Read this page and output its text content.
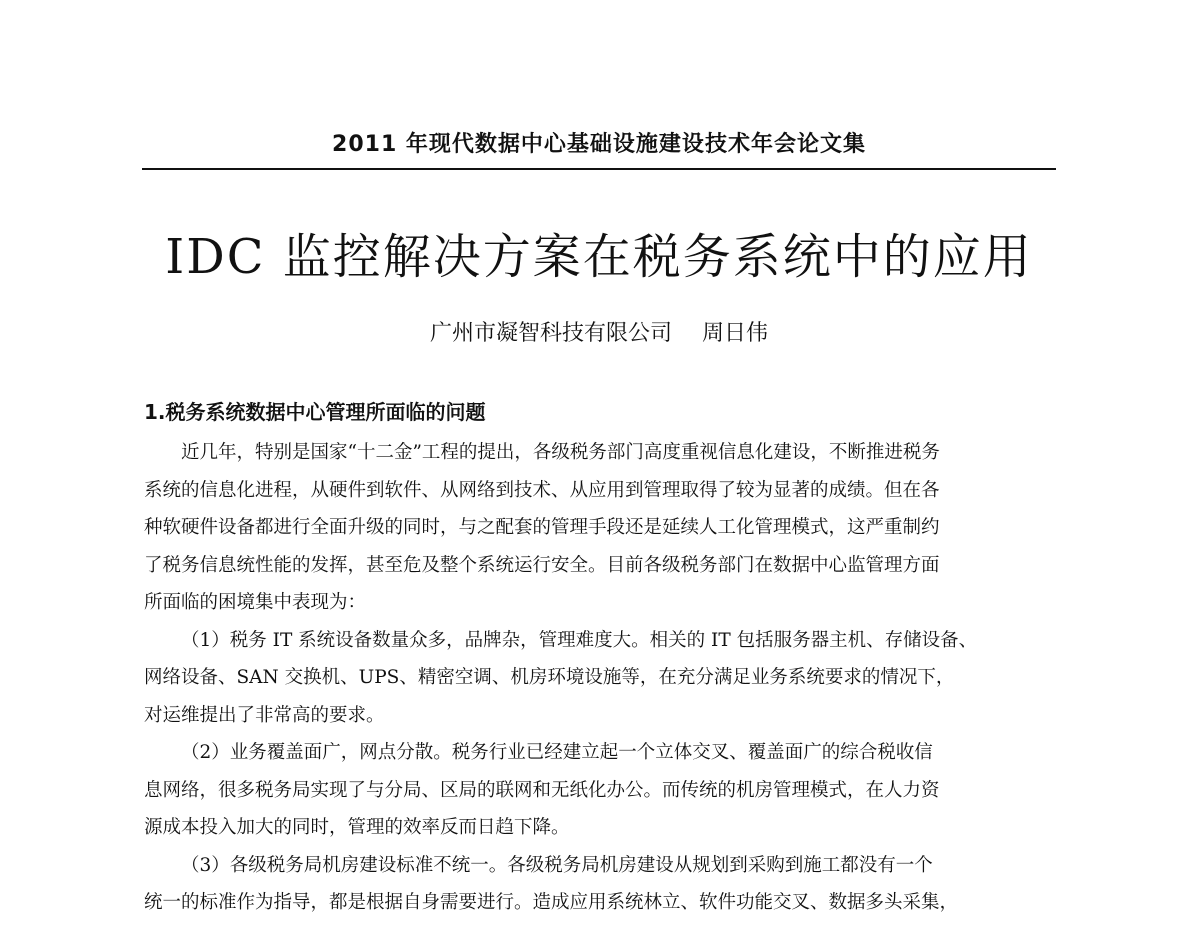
2011 年现代数据中心基础设施建设技术年会论文集
IDC 监控解决方案在税务系统中的应用
广州市凝智科技有限公司 周日伟
1.税务系统数据中心管理所面临的问题
近几年，特别是国家“十二金”工程的提出，各级税务部门高度重视信息化建设，不断推进税务
系统的信息化进程，从硬件到软件、从网络到技术、从应用到管理取得了较为显著的成绩。但在各
种软硬件设备都进行全面升级的同时，与之配套的管理手段还是延续人工化管理模式，这严重制约
了税务信息统性能的发挥，甚至危及整个系统运行安全。目前各级税务部门在数据中心监管理方面
所面临的困境集中表现为：
（1）税务 IT 系统设备数量众多，品牌杂，管理难度大。相关的 IT 包括服务器主机、存储设备、
网络设备、SAN 交换机、UPS、精密空调、机房环境设施等，在充分满足业务系统要求的情况下，
对运维提出了非常高的要求。
（2）业务覆盖面广，网点分散。税务行业已经建立起一个立体交叉、覆盖面广的综合税收信
息网络，很多税务局实现了与分局、区局的联网和无纸化办公。而传统的机房管理模式，在人力资
源成本投入加大的同时，管理的效率反而日趋下降。
（3）各级税务局机房建设标准不统一。各级税务局机房建设从规划到采购到施工都没有一个
统一的标准作为指导，都是根据自身需要进行。造成应用系统林立、软件功能交叉、数据多头采集，
